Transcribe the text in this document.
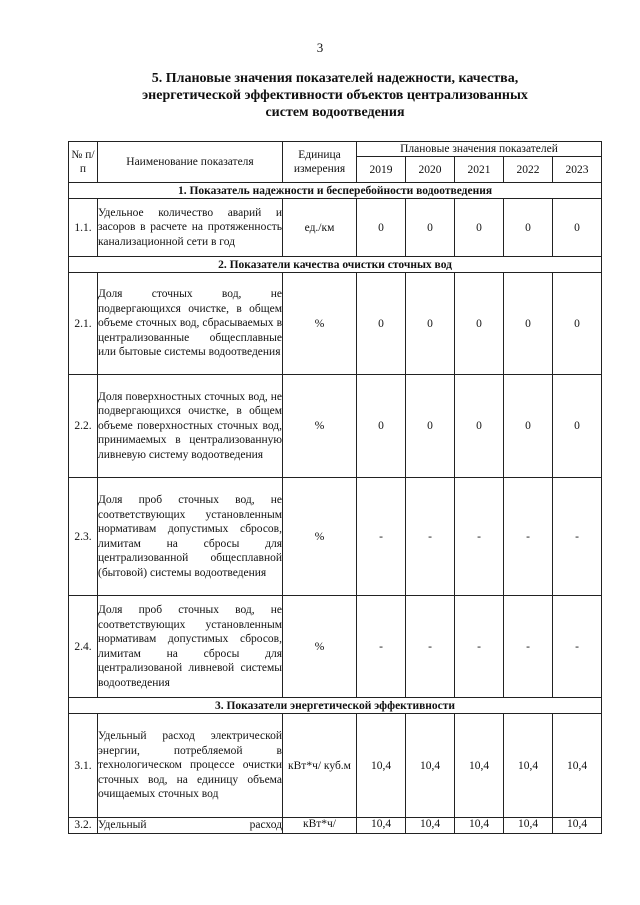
3
5. Плановые значения показателей надежности, качества,
энергетической эффективности объектов централизованных
систем водоотведения
№ п/п	Наименование показателя	Единица измерения	Плановые значения показателей				
			2019	2020	2021	2022	2023
1. Показатель надежности и бесперебойности водоотведения							
1.1.	Удельное количество аварий и засоров в расчете на протяженность канализационной сети в год	ед./км	0	0	0	0	0
2. Показатели качества очистки сточных вод							
2.1.	Доля сточных вод, не подвергающихся очистке, в общем объеме сточных вод, сбрасываемых в централизованные общесплавные или бытовые системы водоотведения	%	0	0	0	0	0
2.2.	Доля поверхностных сточных вод, не подвергающихся очистке, в общем объеме поверхностных сточных вод, принимаемых в централизованную ливневую систему водоотведения	%	0	0	0	0	0
2.3.	Доля проб сточных вод, не соответствующих установленным нормативам допустимых сбросов, лимитам на сбросы для централизованной общесплавной (бытовой) системы водоотведения	%	-	-	-	-	-
2.4.	Доля проб сточных вод, не соответствующих установленным нормативам допустимых сбросов, лимитам на сбросы для централизованой ливневой системы водоотведения	%	-	-	-	-	-
3. Показатели энергетической эффективности							
3.1.	Удельный расход электрической энергии, потребляемой в технологическом процессе очистки сточных вод, на единицу объема очищаемых сточных вод	кВт*ч/ куб.м	10,4	10,4	10,4	10,4	10,4
3.2.	Удельный расход	кВт*ч/	10,4	10,4	10,4	10,4	10,4
